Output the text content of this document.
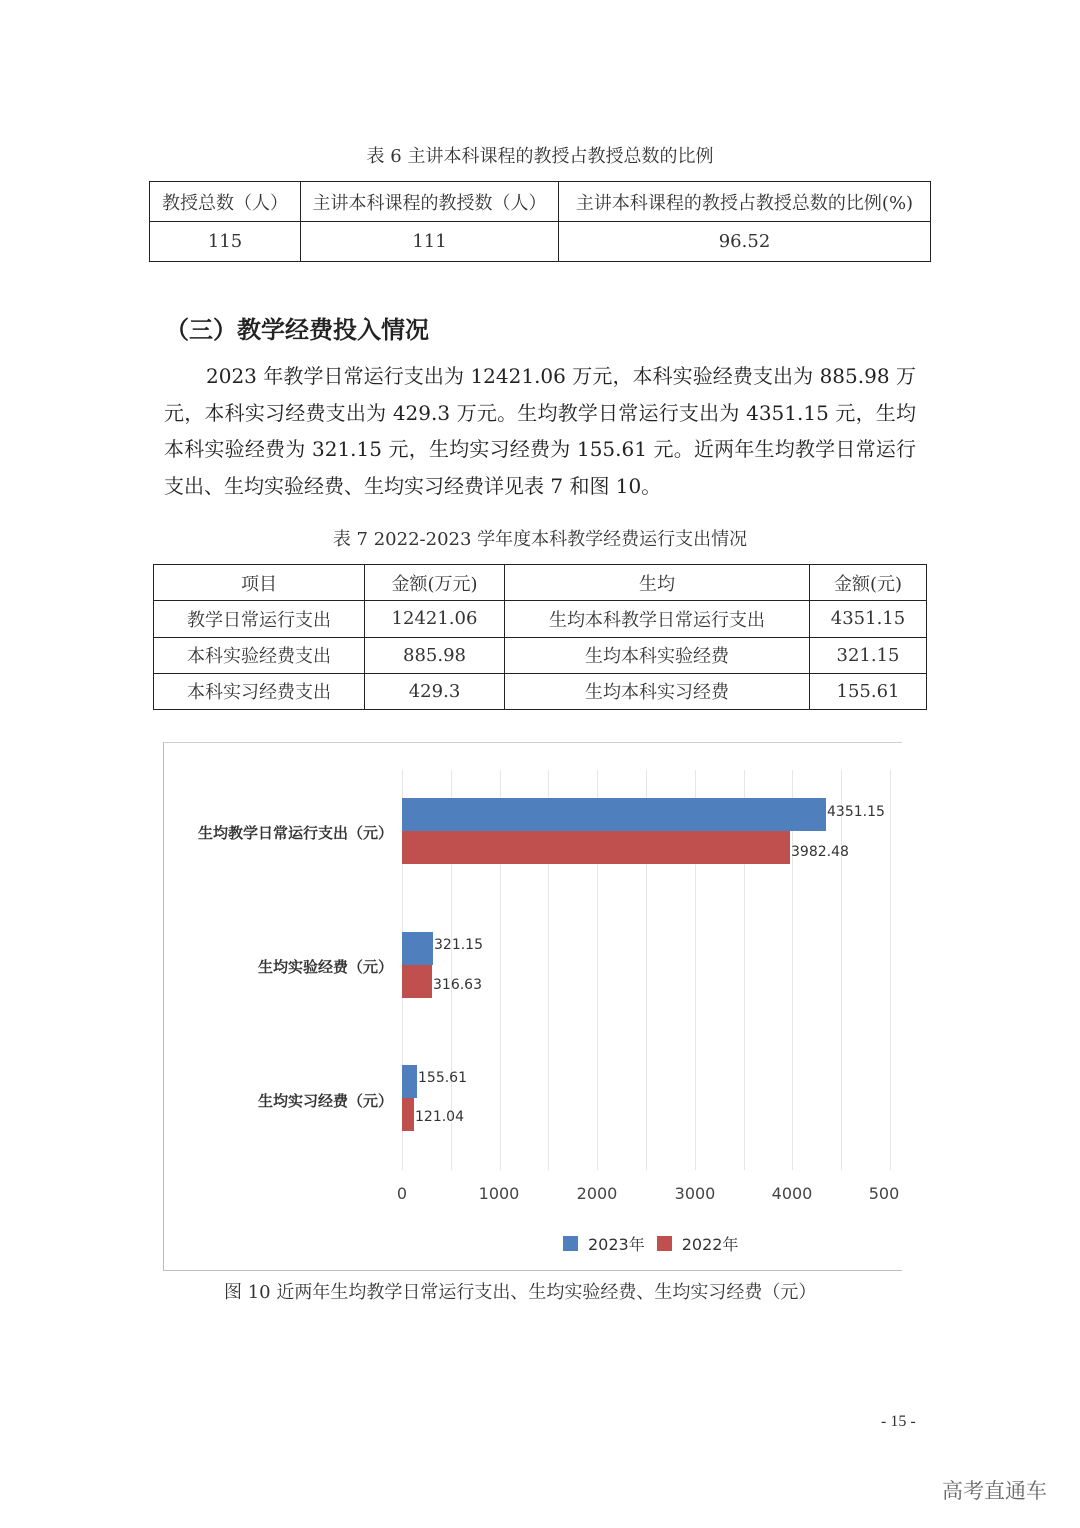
表 6 主讲本科课程的教授占教授总数的比例
教授总数（人）	主讲本科课程的教授数（人）	主讲本科课程的教授占教授总数的比例(%)
115	111	96.52
（三）教学经费投入情况

2023 年教学日常运行支出为 12421.06 万元，本科实验经费支出为 885.98 万元，本科实习经费支出为 429.3 万元。生均教学日常运行支出为 4351.15 元，生均本科实验经费为 321.15 元，生均实习经费为 155.61 元。近两年生均教学日常运行支出、生均实验经费、生均实习经费详见表 7 和图 10。

表 7 2022-2023 学年度本科教学经费运行支出情况
项目	金额(万元)	生均	金额(元)
教学日常运行支出	12421.06	生均本科教学日常运行支出	4351.15
本科实验经费支出	885.98	生均本科实验经费	321.15
本科实习经费支出	429.3	生均本科实习经费	155.61
生均教学日常运行支出（元）
生均实验经费（元）
生均实习经费（元）
4351.15
3982.48
321.15
316.63
155.61
121.04
0	1000	2000	3000	4000	500
2023年 2022年
图 10 近两年生均教学日常运行支出、生均实验经费、生均实习经费（元）
- 15 -
高考直通车
